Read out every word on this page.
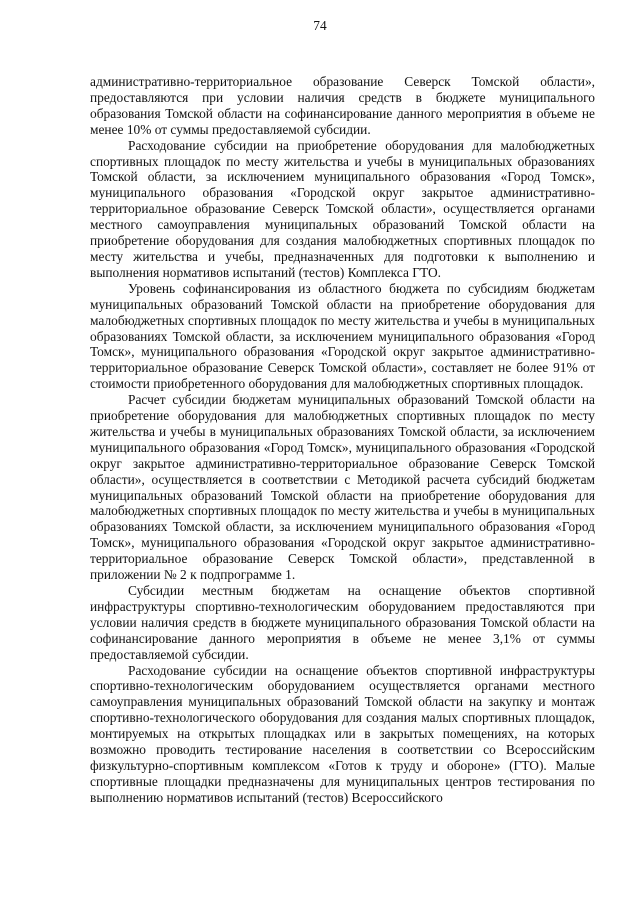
74

административно-территориальное образование Северск Томской области», предоставляются при условии наличия средств в бюджете муниципального образования Томской области на софинансирование данного мероприятия в объеме не менее 10% от суммы предоставляемой субсидии.

Расходование субсидии на приобретение оборудования для малобюджетных спортивных площадок по месту жительства и учебы в муниципальных образованиях Томской области, за исключением муниципального образования «Город Томск», муниципального образования «Городской округ закрытое административно-территориальное образование Северск Томской области», осуществляется органами местного самоуправления муниципальных образований Томской области на приобретение оборудования для создания малобюджетных спортивных площадок по месту жительства и учебы, предназначенных для подготовки к выполнению и выполнения нормативов испытаний (тестов) Комплекса ГТО.

Уровень софинансирования из областного бюджета по субсидиям бюджетам муниципальных образований Томской области на приобретение оборудования для малобюджетных спортивных площадок по месту жительства и учебы в муниципальных образованиях Томской области, за исключением муниципального образования «Город Томск», муниципального образования «Городской округ закрытое административно-территориальное образование Северск Томской области», составляет не более 91% от стоимости приобретенного оборудования для малобюджетных спортивных площадок.

Расчет субсидии бюджетам муниципальных образований Томской области на приобретение оборудования для малобюджетных спортивных площадок по месту жительства и учебы в муниципальных образованиях Томской области, за исключением муниципального образования «Город Томск», муниципального образования «Городской округ закрытое административно-территориальное образование Северск Томской области», осуществляется в соответствии с Методикой расчета субсидий бюджетам муниципальных образований Томской области на приобретение оборудования для малобюджетных спортивных площадок по месту жительства и учебы в муниципальных образованиях Томской области, за исключением муниципального образования «Город Томск», муниципального образования «Городской округ закрытое административно-территориальное образование Северск Томской области», представленной в приложении № 2 к подпрограмме 1.

Субсидии местным бюджетам на оснащение объектов спортивной инфраструктуры спортивно-технологическим оборудованием предоставляются при условии наличия средств в бюджете муниципального образования Томской области на софинансирование данного мероприятия в объеме не менее 3,1% от суммы предоставляемой субсидии.

Расходование субсидии на оснащение объектов спортивной инфраструктуры спортивно-технологическим оборудованием осуществляется органами местного самоуправления муниципальных образований Томской области на закупку и монтаж спортивно-технологического оборудования для создания малых спортивных площадок, монтируемых на открытых площадках или в закрытых помещениях, на которых возможно проводить тестирование населения в соответствии со Всероссийским физкультурно-спортивным комплексом «Готов к труду и обороне» (ГТО). Малые спортивные площадки предназначены для муниципальных центров тестирования по выполнению нормативов испытаний (тестов) Всероссийского
